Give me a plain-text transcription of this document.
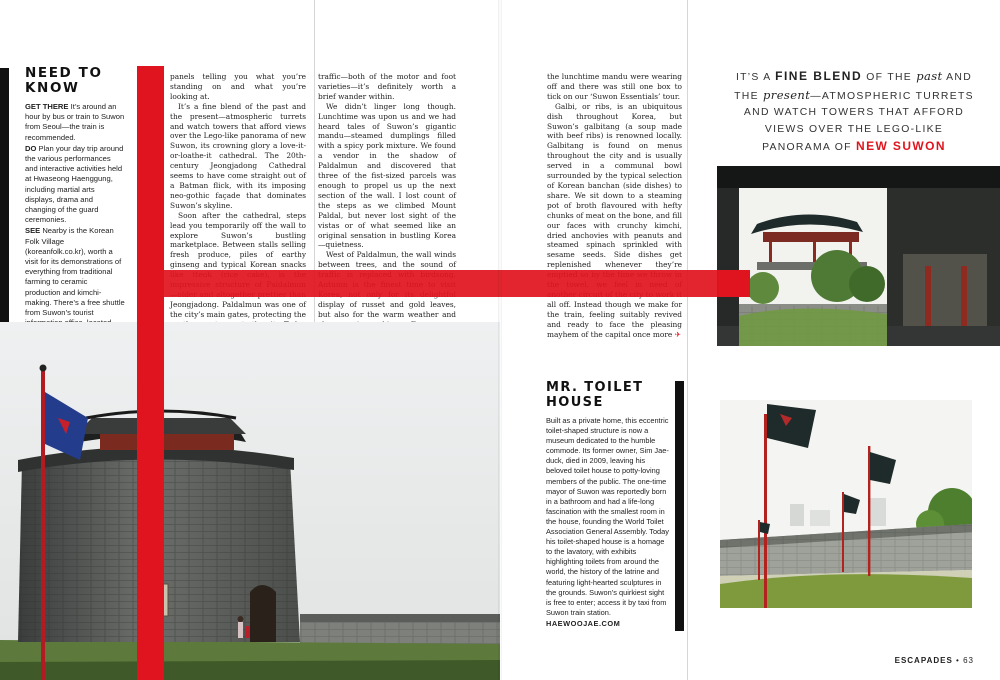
NEED TO KNOW

GET THERE It’s around an hour by bus or train to Suwon from Seoul—the train is recommended.

DO Plan your day trip around the various performances and interactive activities held at Hwaseong Haenggung, including martial arts displays, drama and changing of the guard ceremonies.

SEE Nearby is the Korean Folk Village (koreanfolk.co.kr), worth a visit for its demonstrations of everything from traditional farming to ceramic production and kimchi-making. There’s a free shuttle from Suwon’s tourist

panels telling you what you’re standing on and what you’re looking at.

It’s a fine blend of the past and the present—atmospheric turrets and watch towers that afford views over the Lego-like panorama of new Suwon, its crowning glory a love-it-or-loathe-it cathedral. The 20th-century Jeongjadong Cathedral seems to have come straight out of a Batman flick, with its imposing neo-gothic façade that dominates Suwon’s skyline.

Soon after the cathedral, steps lead you temporarily off the wall to explore Suwon’s bustling marketplace. Between stalls selling fresh produce, piles of earthy ginseng and typical Korean snacks Jeongjadong. Paldalmun was one of the city’s main gates, protecting the

traffic—both of the motor and foot varieties—it’s definitely worth a brief wander within.

We didn’t linger long though. Lunchtime was upon us and we had heard tales of Suwon’s gigantic mandu—steamed dumplings filled with a spicy pork mixture. We found a vendor in the shadow of Paldalmun and discovered that three of the fist-sized parcels was enough to propel us up the next section of the wall. I lost count of the steps as we climbed Mount Paldal, but never lost sight of the vistas or of what seemed like an original sensation in bustling Korea—quietness.

West of Paldalmun, the wall winds between trees, and the sound of display of russet and gold leaves, but also for the warm weather and

the lunchtime mandu were wearing off and there was still one box to tick on our ‘Suwon Essentials’ tour.

Galbi, or ribs, is an ubiquitous dish throughout Korea, but Suwon’s galbitang (a soup made with beef ribs) is renowned locally. Galbitang is found on menus throughout the city and is usually served in a communal bowl surrounded by the typical selection of Korean banchan (side dishes) to share. We sit down to a steaming pot of broth flavoured with hefty chunks of meat on the bone, and fill our faces with crunchy kimchi, dried anchovies with peanuts and steamed spinach sprinkled with sesame seeds. Side dishes get replenished whenever they’re all off. Instead though we make for the train, feeling suitably revived and ready to face the pleasing mayhem of the capital once more ✈

IT’S A FINE BLEND OF THE past AND THE present—ATMOSPHERIC TURRETS AND WATCH TOWERS THAT AFFORD VIEWS OVER THE LEGO-LIKE PANORAMA OF NEW SUWON
MR. TOILET HOUSE

Built as a private home, this eccentric toilet-shaped structure is now a museum dedicated to the humble commode. Its former owner, Sim Jae-duck, died in 2009, leaving his beloved toilet house to potty-loving members of the public. The one-time mayor of Suwon was reportedly born in a bathroom and had a life-long fascination with the smallest room in the house, founding the World Toilet Association General Assembly. Today his toilet-shaped house is a homage to the lavatory, with exhibits highlighting toilets from around the world, the history of the latrine and featuring light-hearted sculptures in the grounds. Suwon’s quirkiest sight is free to enter; access it by taxi from Suwon train station.

HAEWOOJAE.COM

ESCAPADES • 63
